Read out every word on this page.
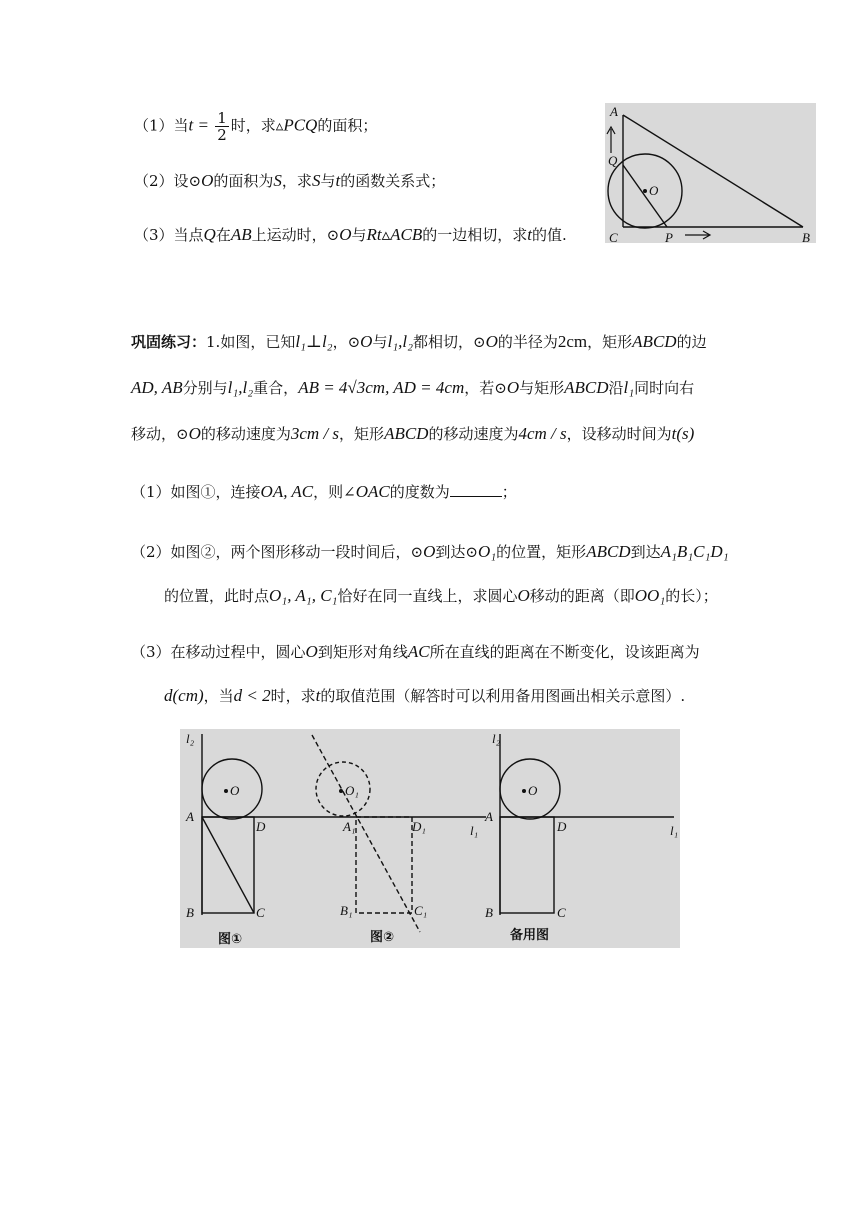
（1）当$t = \frac{1}{2}$ 时，求▵PCQ的面积；
（2）设⊙O的面积为S，求S与t的函数关系式；
（3）当点Q在AB上运动时，⊙O与Rt▵ACB的一边相切，求t的值.
A
Q
O
C	P	B
巩固练习：1.如图，已知l₁⊥l₂，⊙O与l₁,l₂都相切，⊙O的半径为2cm，矩形ABCD的边
AD, AB分别与l₁,l₂重合，AB = 4√3cm, AD = 4cm，若⊙O与矩形ABCD沿l₁同时向右
移动，⊙O的移动速度为3cm / s，矩形ABCD的移动速度为4cm / s，设移动时间为t(s)
（1）如图①，连接OA, AC，则∠OAC的度数为	；
（2）如图②，两个图形移动一段时间后，⊙O到达⊙O₁的位置，矩形ABCD到达A₁B₁C₁D₁
的位置，此时点O₁, A₁, C₁恰好在同一直线上，求圆心O移动的距离（即OO₁的长）；
（3）在移动过程中，圆心O到矩形对角线AC所在直线的距离在不断变化，设该距离为
d(cm)，当d < 2时，求t的取值范围（解答时可以利用备用图画出相关示意图）.
l₂
O
A
D
B	C
O₁
A₁	D₁	l₁
B₁	C₁
l₂
O
A
D	l₁
B	C
图①	图②	备用图
